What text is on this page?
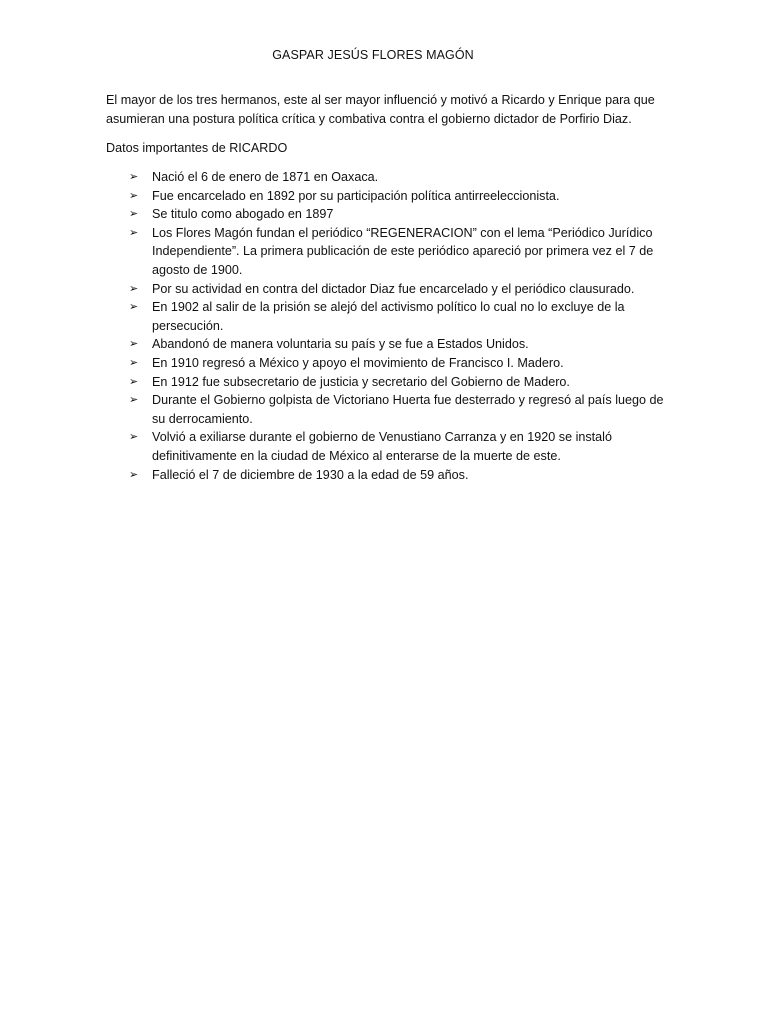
GASPAR JESÚS FLORES MAGÓN

El mayor de los tres hermanos, este al ser mayor influenció y motivó a Ricardo y Enrique para que asumieran una postura política crítica y combativa contra el gobierno dictador de Porfirio Diaz.

Datos importantes de RICARDO

➢ Nació el 6 de enero de 1871 en Oaxaca.
➢ Fue encarcelado en 1892 por su participación política antirreeleccionista.
➢ Se titulo como abogado en 1897
➢ Los Flores Magón fundan el periódico “REGENERACION” con el lema “Periódico Jurídico Independiente”. La primera publicación de este periódico apareció por primera vez el 7 de agosto de 1900.
➢ Por su actividad en contra del dictador Diaz fue encarcelado y el periódico clausurado.
➢ En 1902 al salir de la prisión se alejó del activismo político lo cual no lo excluye de la persecución.
➢ Abandonó de manera voluntaria su país y se fue a Estados Unidos.
➢ En 1910 regresó a México y apoyo el movimiento de Francisco I. Madero.
➢ En 1912 fue subsecretario de justicia y secretario del Gobierno de Madero.
➢ Durante el Gobierno golpista de Victoriano Huerta fue desterrado y regresó al país luego de su derrocamiento.
➢ Volvió a exiliarse durante el gobierno de Venustiano Carranza y en 1920 se instaló definitivamente en la ciudad de México al enterarse de la muerte de este.
➢ Falleció el 7 de diciembre de 1930 a la edad de 59 años.
